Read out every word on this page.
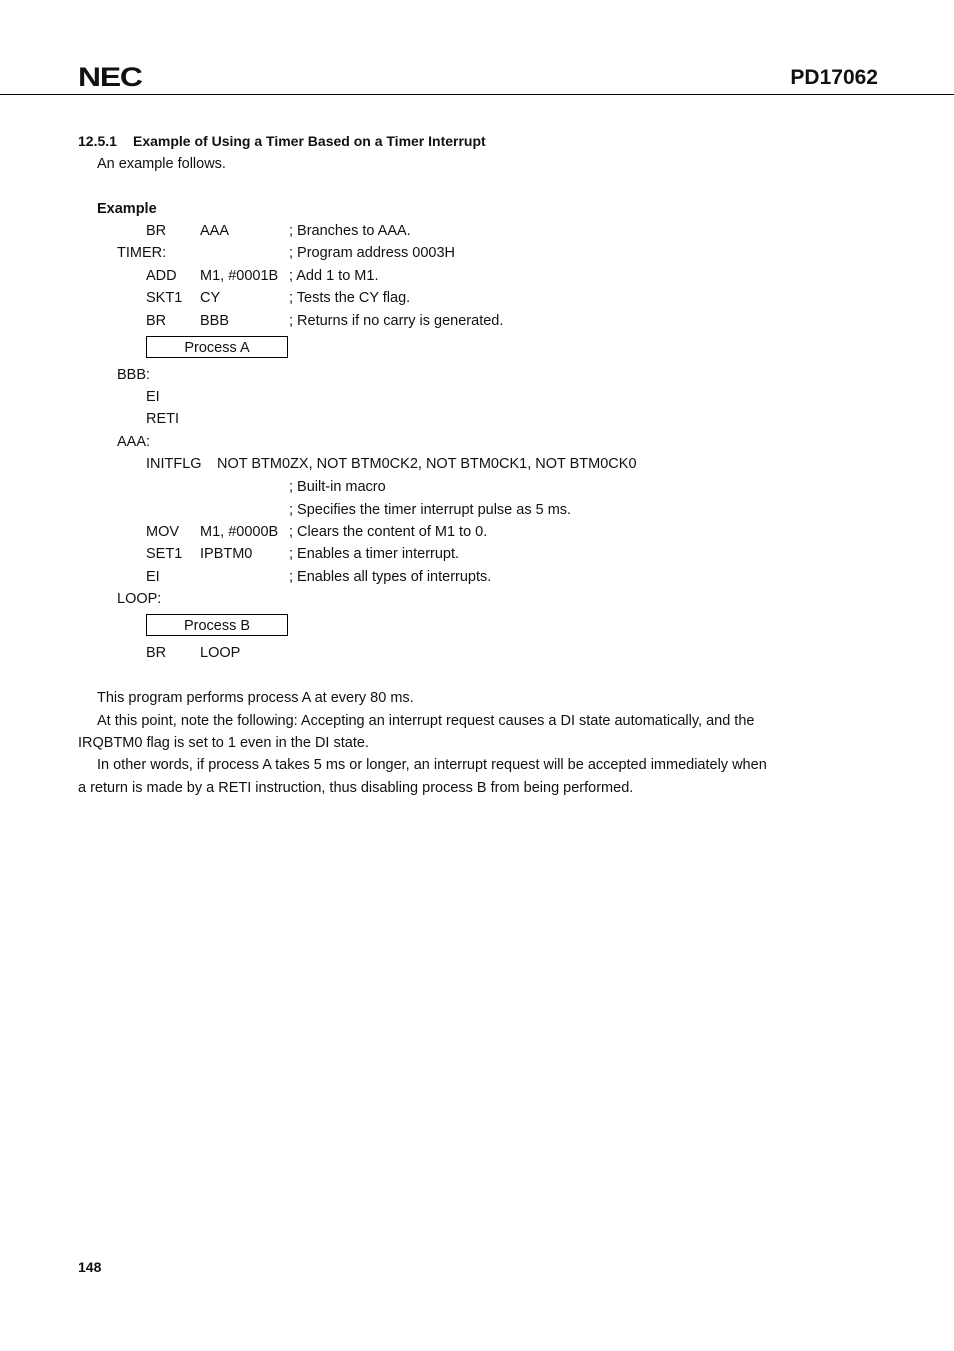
NEC	PD17062
12.5.1 Example of Using a Timer Based on a Timer Interrupt
An example follows.
Example
BR AAA	; Branches to AAA.
TIMER:	; Program address 0003H
ADD M1, #0001B ; Add 1 to M1.
SKT1 CY	; Tests the CY flag.
BR BBB	; Returns if no carry is generated.
Process A
BBB:
EI
RETI
AAA:
INITFLG NOT BTM0ZX, NOT BTM0CK2, NOT BTM0CK1, NOT BTM0CK0
; Built-in macro
; Specifies the timer interrupt pulse as 5 ms.
MOV M1, #0000B ; Clears the content of M1 to 0.
SET1 IPBTM0	; Enables a timer interrupt.
EI	; Enables all types of interrupts.
LOOP:
Process B
BR LOOP
This program performs process A at every 80 ms.
At this point, note the following: Accepting an interrupt request causes a DI state automatically, and the
IRQBTM0 flag is set to 1 even in the DI state.
In other words, if process A takes 5 ms or longer, an interrupt request will be accepted immediately when
a return is made by a RETI instruction, thus disabling process B from being performed.
148
